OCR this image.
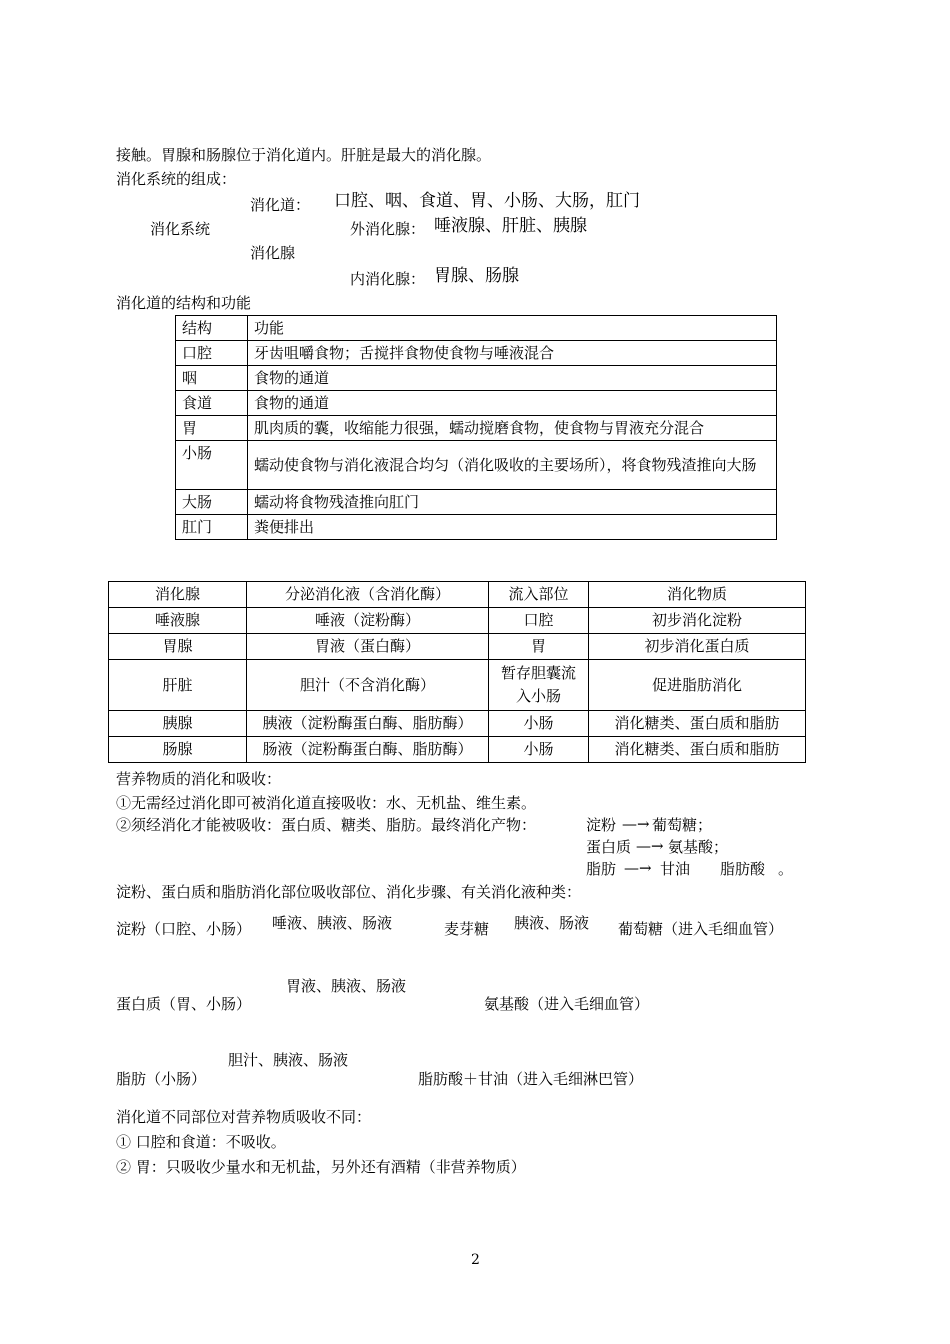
接触。胃腺和肠腺位于消化道内。肝脏是最大的消化腺。
消化系统的组成：
消化道： 口腔、咽、食道、胃、小肠、大肠，肛门
消化系统	外消化腺： 唾液腺、肝脏、胰腺
消化腺
内消化腺： 胃腺、肠腺
消化道的结构和功能
结构	功能
口腔	牙齿咀嚼食物；舌搅拌食物使食物与唾液混合
咽	食物的通道
食道	食物的通道
胃	肌肉质的囊，收缩能力很强，蠕动搅磨食物，使食物与胃液充分混合
小肠	蠕动使食物与消化液混合均匀（消化吸收的主要场所），将食物残渣推向大肠
大肠	蠕动将食物残渣推向肛门
肛门	粪便排出
消化腺	分泌消化液（含消化酶）	流入部位	消化物质
唾液腺	唾液（淀粉酶）	口腔	初步消化淀粉
胃腺	胃液（蛋白酶）	胃	初步消化蛋白质
肝脏	胆汁（不含消化酶）	暂存胆囊流入小肠	促进脂肪消化
胰腺	胰液（淀粉酶蛋白酶、脂肪酶）	小肠	消化糖类、蛋白质和脂肪
肠腺	肠液（淀粉酶蛋白酶、脂肪酶）	小肠	消化糖类、蛋白质和脂肪
营养物质的消化和吸收：
①无需经过消化即可被消化道直接吸收：水、无机盐、维生素。
②须经消化才能被吸收：蛋白质、糖类、脂肪。最终消化产物：	淀粉 —→ 葡萄糖；
蛋白质 —→ 氨基酸；
脂肪 —→ 甘油 脂肪酸 。
淀粉、蛋白质和脂肪消化部位吸收部位、消化步骤、有关消化液种类：
淀粉（口腔、小肠） 唾液、胰液、肠液	麦芽糖 胰液、肠液 葡萄糖（进入毛细血管）
胃液、胰液、肠液
蛋白质（胃、小肠）	氨基酸（进入毛细血管）
胆汁、胰液、肠液
脂肪（小肠）	脂肪酸＋甘油（进入毛细淋巴管）
消化道不同部位对营养物质吸收不同：
① 口腔和食道：不吸收。
② 胃：只吸收少量水和无机盐，另外还有酒精（非营养物质）
2
